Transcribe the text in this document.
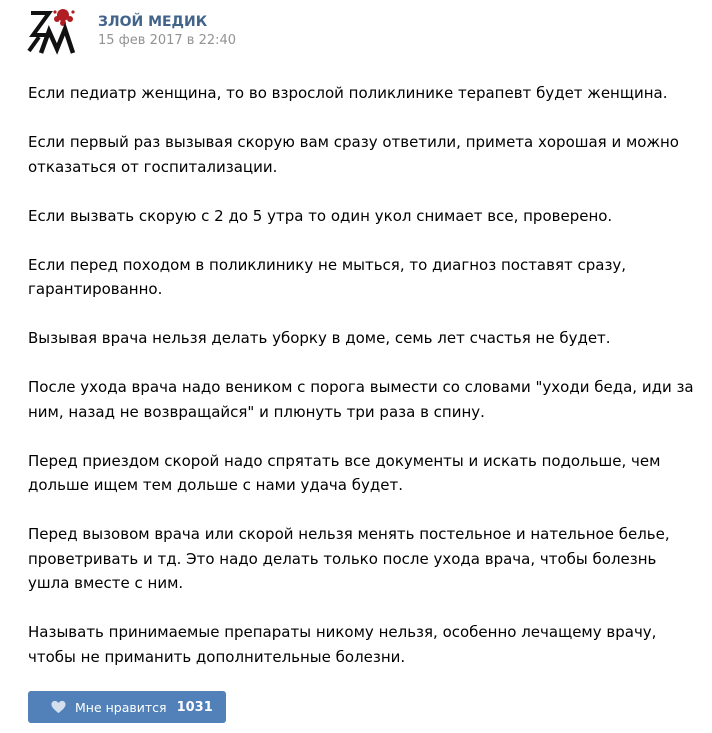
ЗЛОЙ МЕДИК
15 фев 2017 в 22:40

Если педиатр женщина, то во взрослой поликлинике терапевт будет женщина.

Если первый раз вызывая скорую вам сразу ответили, примета хорошая и можно отказаться от госпитализации.

Если вызвать скорую с 2 до 5 утра то один укол снимает все, проверено.

Если перед походом в поликлинику не мыться, то диагноз поставят сразу, гарантированно.

Вызывая врача нельзя делать уборку в доме, семь лет счастья не будет.

После ухода врача надо веником с порога вымести со словами "уходи беда, иди за ним, назад не возвращайся" и плюнуть три раза в спину.

Перед приездом скорой надо спрятать все документы и искать подольше, чем дольше ищем тем дольше с нами удача будет.

Перед вызовом врача или скорой нельзя менять постельное и нательное белье, проветривать и тд. Это надо делать только после ухода врача, чтобы болезнь ушла вместе с ним.

Называть принимаемые препараты никому нельзя, особенно лечащему врачу, чтобы не приманить дополнительные болезни.

Мне нравится 1031
